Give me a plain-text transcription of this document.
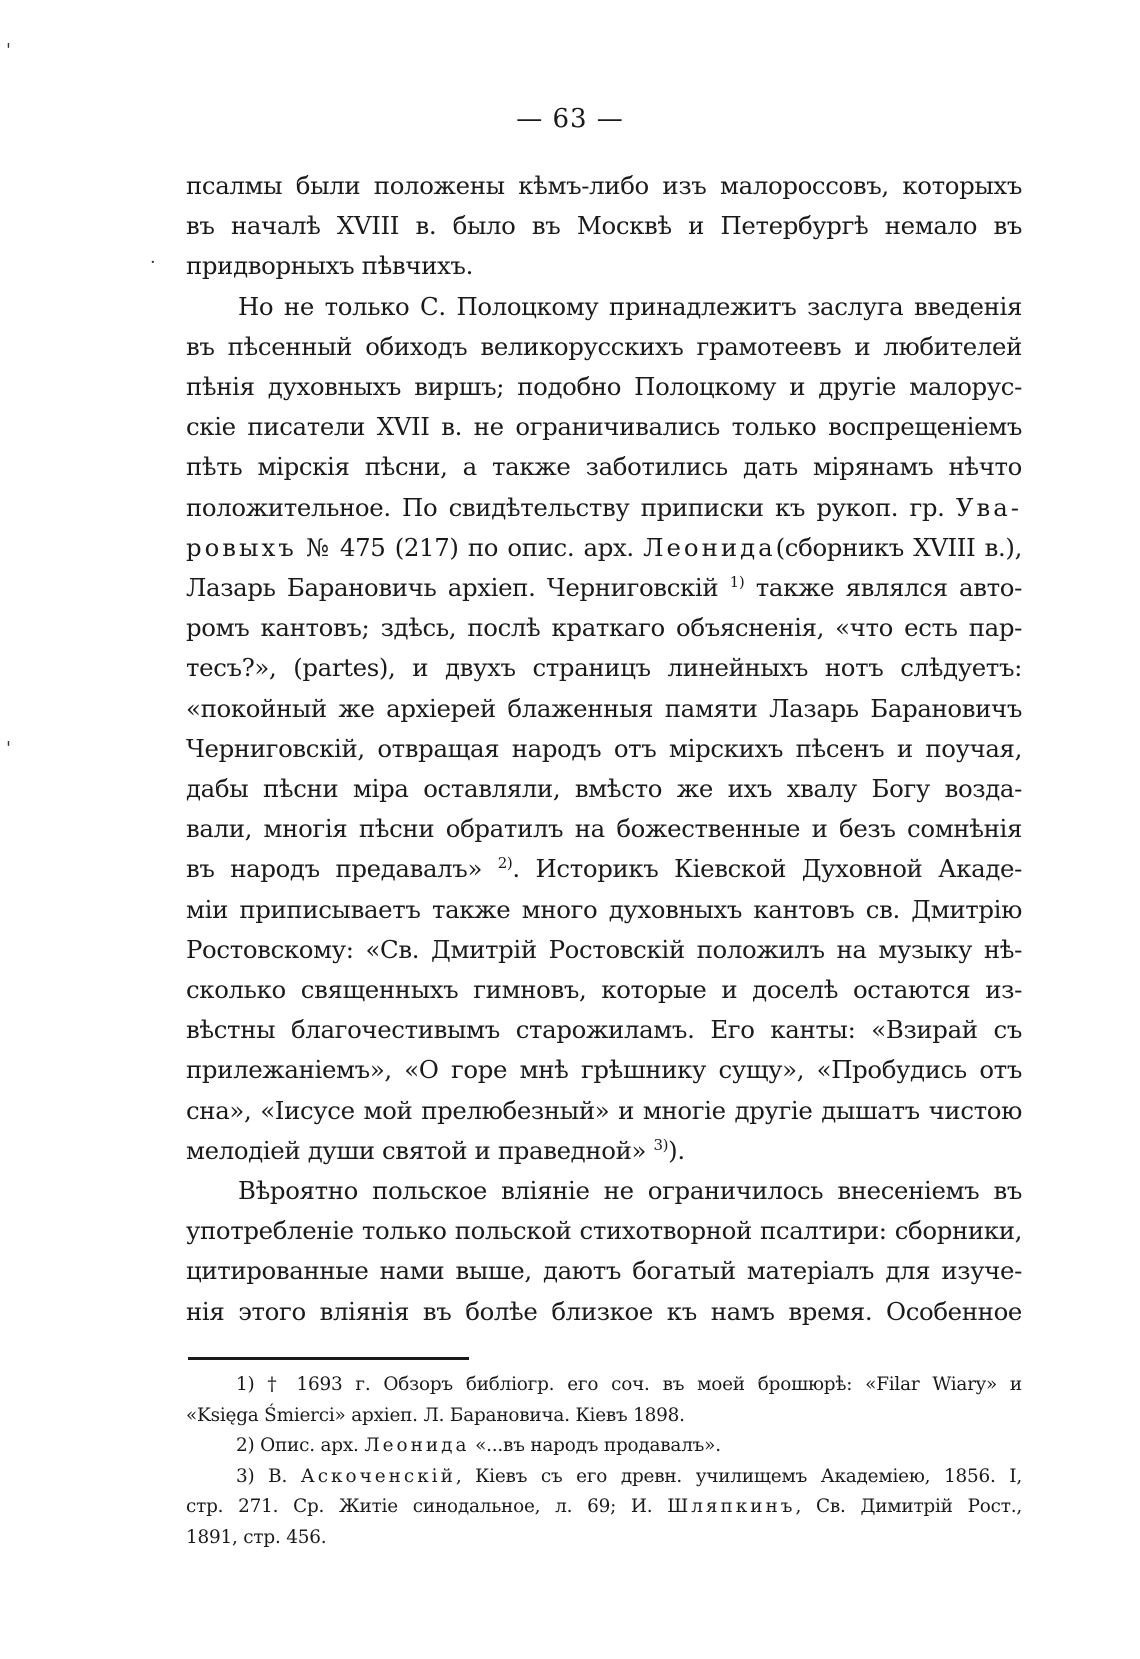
'
'
·
— 63 —
псалмы были положены кѣмъ-либо изъ малороссовъ, которыхъ
въ началѣ XVIII в. было въ Москвѣ и Петербургѣ немало въ
придворныхъ пѣвчихъ.
Но не только С. Полоцкому принадлежитъ заслуга введенія
въ пѣсенный обиходъ великорусскихъ грамотеевъ и любителей
пѣнія духовныхъ виршъ; подобно Полоцкому и другіе малорус-
скіе писатели XVII в. не ограничивались только воспрещеніемъ
пѣть мірскія пѣсни, а также заботились дать мірянамъ нѣчто
положительное. По свидѣтельству приписки къ рукоп. гр. Ува-
ровыхъ № 475 (217) по опис. арх. Леонида(сборникъ XVIII в.),
Лазарь Барановичь архіеп. Черниговскій $^{1)}$ также являлся авто-
ромъ кантовъ; здѣсь, послѣ краткаго объясненія, «что есть пар-
тесъ?», (partes), и двухъ страницъ линейныхъ нотъ слѣдуетъ:
«покойный же архіерей блаженныя памяти Лазарь Барановичъ
Черниговскій, отвращая народъ отъ мірскихъ пѣсенъ и поучая,
дабы пѣсни міра оставляли, вмѣсто же ихъ хвалу Богу возда-
вали, многія пѣсни обратилъ на божественные и безъ сомнѣнія
въ народъ предавалъ» $^{2)}$. Историкъ Кіевской Духовной Акаде-
міи приписываетъ также много духовныхъ кантовъ св. Дмитрію
Ростовскому: «Св. Дмитрій Ростовскій положилъ на музыку нѣ-
сколько священныхъ гимновъ, которые и доселѣ остаются из-
вѣстны благочестивымъ старожиламъ. Его канты: «Взирай съ
прилежаніемъ», «О горе мнѣ грѣшнику сущу», «Пробудись отъ
сна», «Іисусе мой прелюбезный» и многіе другіе дышатъ чистою
мелодіей души святой и праведной» $^{3)}$).
Вѣроятно польское вліяніе не ограничилось внесеніемъ въ
употребленіе только польской стихотворной псалтири: сборники,
цитированные нами выше, даютъ богатый матеріалъ для изуче-
нія этого вліянія въ болѣе близкое къ намъ время. Особенное
1) † 1693 г. Обзоръ библіогр. его соч. въ моей брошюрѣ: «Filar Wiary» и
«Księga Śmierci» архіеп. Л. Барановича. Кіевъ 1898.
2) Опис. арх. Леонида «...въ народъ продавалъ».
3) В. Аскоченскій, Кіевъ съ его древн. училищемъ Академіею, 1856. I,
стр. 271. Ср. Житіе синодальное, л. 69; И. Шляпкинъ, Св. Димитрій Рост.,
1891, стр. 456.
